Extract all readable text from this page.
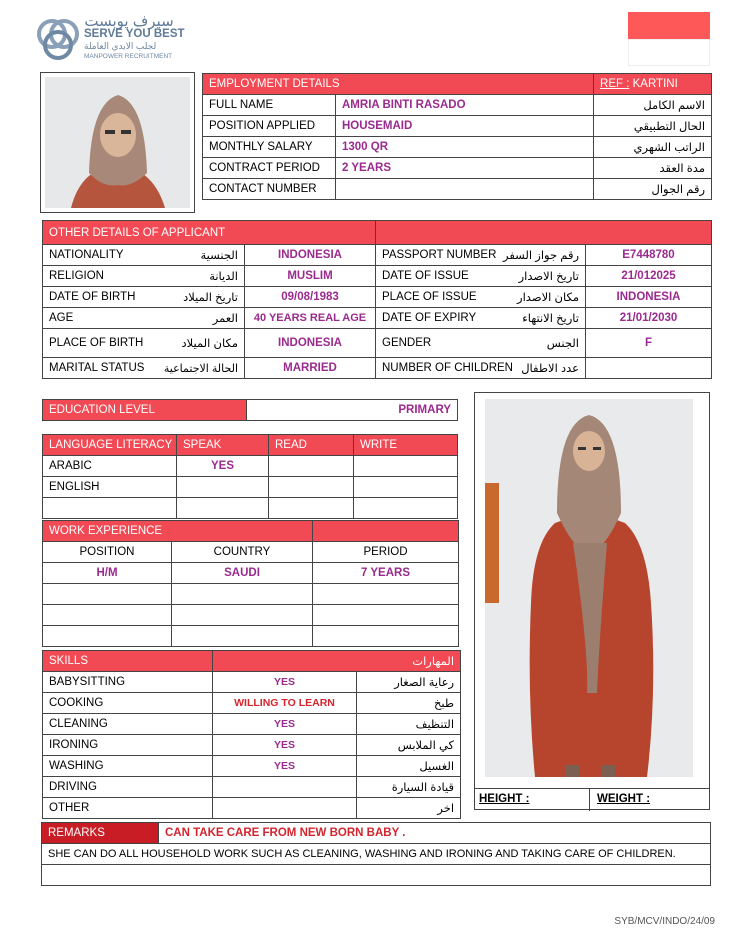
سيرف يوبست
SERVE YOU BEST
لجلب الايدي العاملة
MANPOWER RECRUITMENT
EMPLOYMENT DETAILS		REF : KARTINI
FULL NAME	AMRIA BINTI RASADO	الاسم الكامل
POSITION APPLIED	HOUSEMAID	الحال التطبيقي
MONTHLY SALARY	1300 QR	الراتب الشهري
CONTRACT PERIOD	2 YEARS	مدة العقد
CONTACT NUMBER		رقم الجوال
OTHER DETAILS OF APPLICANT			

NATIONALITY الجنسية	INDONESIA	PASSPORT NUMBER رقم جواز السفر	E7448780

RELIGION الديانة	MUSLIM	DATE OF ISSUE تاريخ الاصدار	21/012025

DATE OF BIRTH تاريخ الميلاد	09/08/1983	PLACE OF ISSUE مكان الاصدار	INDONESIA

AGE العمر	40 YEARS REAL AGE	DATE OF EXPIRY تاريخ الانتهاء	21/01/2030

PLACE OF BIRTH مكان الميلاد	INDONESIA	GENDER الجنس	F

MARITAL STATUS الحالة الاجتماعية	MARRIED	NUMBER OF CHILDREN عدد الاطفال	

EDUCATION LEVEL	PRIMARY
LANGUAGE LITERACY	SPEAK	READ	WRITE
ARABIC	YES		
ENGLISH			

WORK EXPERIENCE		
POSITION	COUNTRY	PERIOD
H/M	SAUDI	7 YEARS

SKILLS	المهارات	
BABYSITTING	YES	رعاية الصغار
COOKING	WILLING TO LEARN	طبخ
CLEANING	YES	التنظيف
IRONING	YES	كي الملابس
WASHING	YES	الغسيل
DRIVING		قيادة السيارة
OTHER		اخر
HEIGHT :	WEIGHT :
REMARKS	CAN TAKE CARE FROM NEW BORN BABY .
SHE CAN DO ALL HOUSEHOLD WORK SUCH AS CLEANING, WASHING AND IRONING AND TAKING CARE OF CHILDREN.

SYB/MCV/INDO/24/09
